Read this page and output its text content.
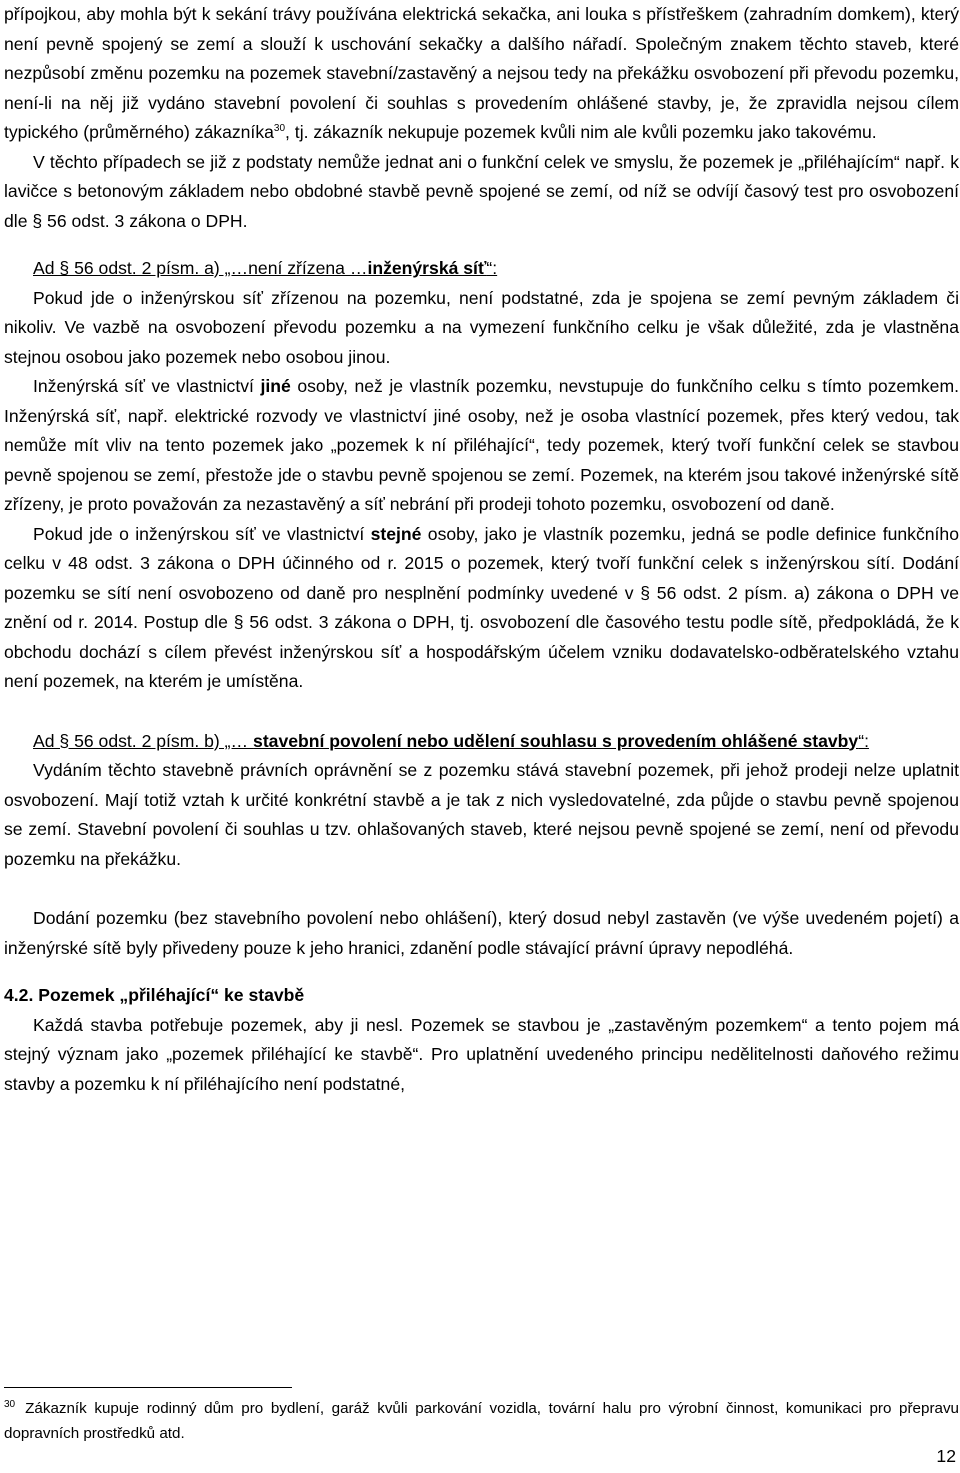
přípojkou, aby mohla být k sekání trávy používána elektrická sekačka, ani louka s přístřeškem (zahradním domkem), který není pevně spojený se zemí a slouží k uschování sekačky a dalšího nářadí. Společným znakem těchto staveb, které nezpůsobí změnu pozemku na pozemek stavební/zastavěný a nejsou tedy na překážku osvobození při převodu pozemku, není-li na něj již vydáno stavební povolení či souhlas s provedením ohlášené stavby, je, že zpravidla nejsou cílem typického (průměrného) zákazníka$^{30}$, tj. zákazník nekupuje pozemek kvůli nim ale kvůli pozemku jako takovému.

V těchto případech se již z podstaty nemůže jednat ani o funkční celek ve smyslu, že pozemek je „přiléhajícím“ např. k lavičce s betonovým základem nebo obdobné stavbě pevně spojené se zemí, od níž se odvíjí časový test pro osvobození dle § 56 odst. 3 zákona o DPH.

Ad § 56 odst. 2 písm. a) „…není zřízena …inženýrská síť“:

Pokud jde o inženýrskou síť zřízenou na pozemku, není podstatné, zda je spojena se zemí pevným základem či nikoliv. Ve vazbě na osvobození převodu pozemku a na vymezení funkčního celku je však důležité, zda je vlastněna stejnou osobou jako pozemek nebo osobou jinou.

Inženýrská síť ve vlastnictví jiné osoby, než je vlastník pozemku, nevstupuje do funkčního celku s tímto pozemkem. Inženýrská síť, např. elektrické rozvody ve vlastnictví jiné osoby, než je osoba vlastnící pozemek, přes který vedou, tak nemůže mít vliv na tento pozemek jako „pozemek k ní přiléhající“, tedy pozemek, který tvoří funkční celek se stavbou pevně spojenou se zemí, přestože jde o stavbu pevně spojenou se zemí. Pozemek, na kterém jsou takové inženýrské sítě zřízeny, je proto považován za nezastavěný a síť nebrání při prodeji tohoto pozemku, osvobození od daně.

Pokud jde o inženýrskou síť ve vlastnictví stejné osoby, jako je vlastník pozemku, jedná se podle definice funkčního celku v 48 odst. 3 zákona o DPH účinného od r. 2015 o pozemek, který tvoří funkční celek s inženýrskou sítí. Dodání pozemku se sítí není osvobozeno od daně pro nesplnění podmínky uvedené v § 56 odst. 2 písm. a) zákona o DPH ve znění od r. 2014. Postup dle § 56 odst. 3 zákona o DPH, tj. osvobození dle časového testu podle sítě, předpokládá, že k obchodu dochází s cílem převést inženýrskou síť a hospodářským účelem vzniku dodavatelsko-odběratelského vztahu není pozemek, na kterém je umístěna.

Ad § 56 odst. 2 písm. b) „… stavební povolení nebo udělení souhlasu s provedením ohlášené stavby“:

Vydáním těchto stavebně právních oprávnění se z pozemku stává stavební pozemek, při jehož prodeji nelze uplatnit osvobození. Mají totiž vztah k určité konkrétní stavbě a je tak z nich vysledovatelné, zda půjde o stavbu pevně spojenou se zemí. Stavební povolení či souhlas u tzv. ohlašovaných staveb, které nejsou pevně spojené se zemí, není od převodu pozemku na překážku.

Dodání pozemku (bez stavebního povolení nebo ohlášení), který dosud nebyl zastavěn (ve výše uvedeném pojetí) a inženýrské sítě byly přivedeny pouze k jeho hranici, zdanění podle stávající právní úpravy nepodléhá.

4.2. Pozemek „přiléhající“ ke stavbě

Každá stavba potřebuje pozemek, aby ji nesl. Pozemek se stavbou je „zastavěným pozemkem“ a tento pojem má stejný význam jako „pozemek přiléhající ke stavbě“. Pro uplatnění uvedeného principu nedělitelnosti daňového režimu stavby a pozemku k ní přiléhajícího není podstatné,

$^{30}$ Zákazník kupuje rodinný dům pro bydlení, garáž kvůli parkování vozidla, tovární halu pro výrobní činnost, komunikaci pro přepravu dopravních prostředků atd.
12
